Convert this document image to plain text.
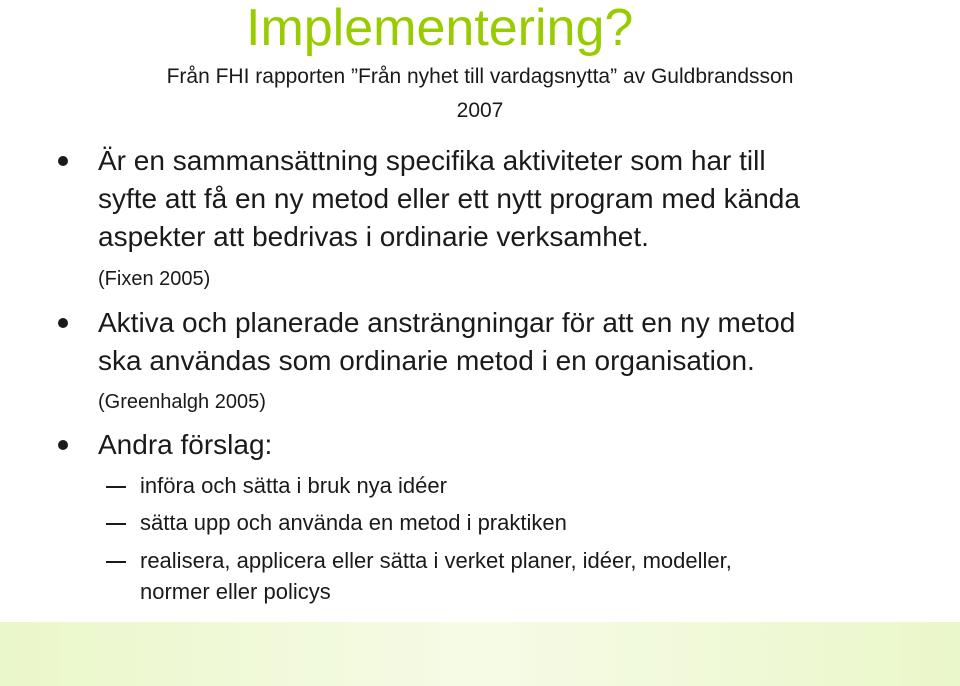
Implementering?
Från FHI rapporten ”Från nyhet till vardagsnytta” av Guldbrandsson
2007
Är en sammansättning specifika aktiviteter som har till
syfte att få en ny metod eller ett nytt program med kända
aspekter att bedrivas i ordinarie verksamhet.
(Fixen 2005)
Aktiva och planerade ansträngningar för att en ny metod
ska användas som ordinarie metod i en organisation.
(Greenhalgh 2005)
Andra förslag:
införa och sätta i bruk nya idéer
sätta upp och använda en metod i praktiken
realisera, applicera eller sätta i verket planer, idéer, modeller,
normer eller policys
